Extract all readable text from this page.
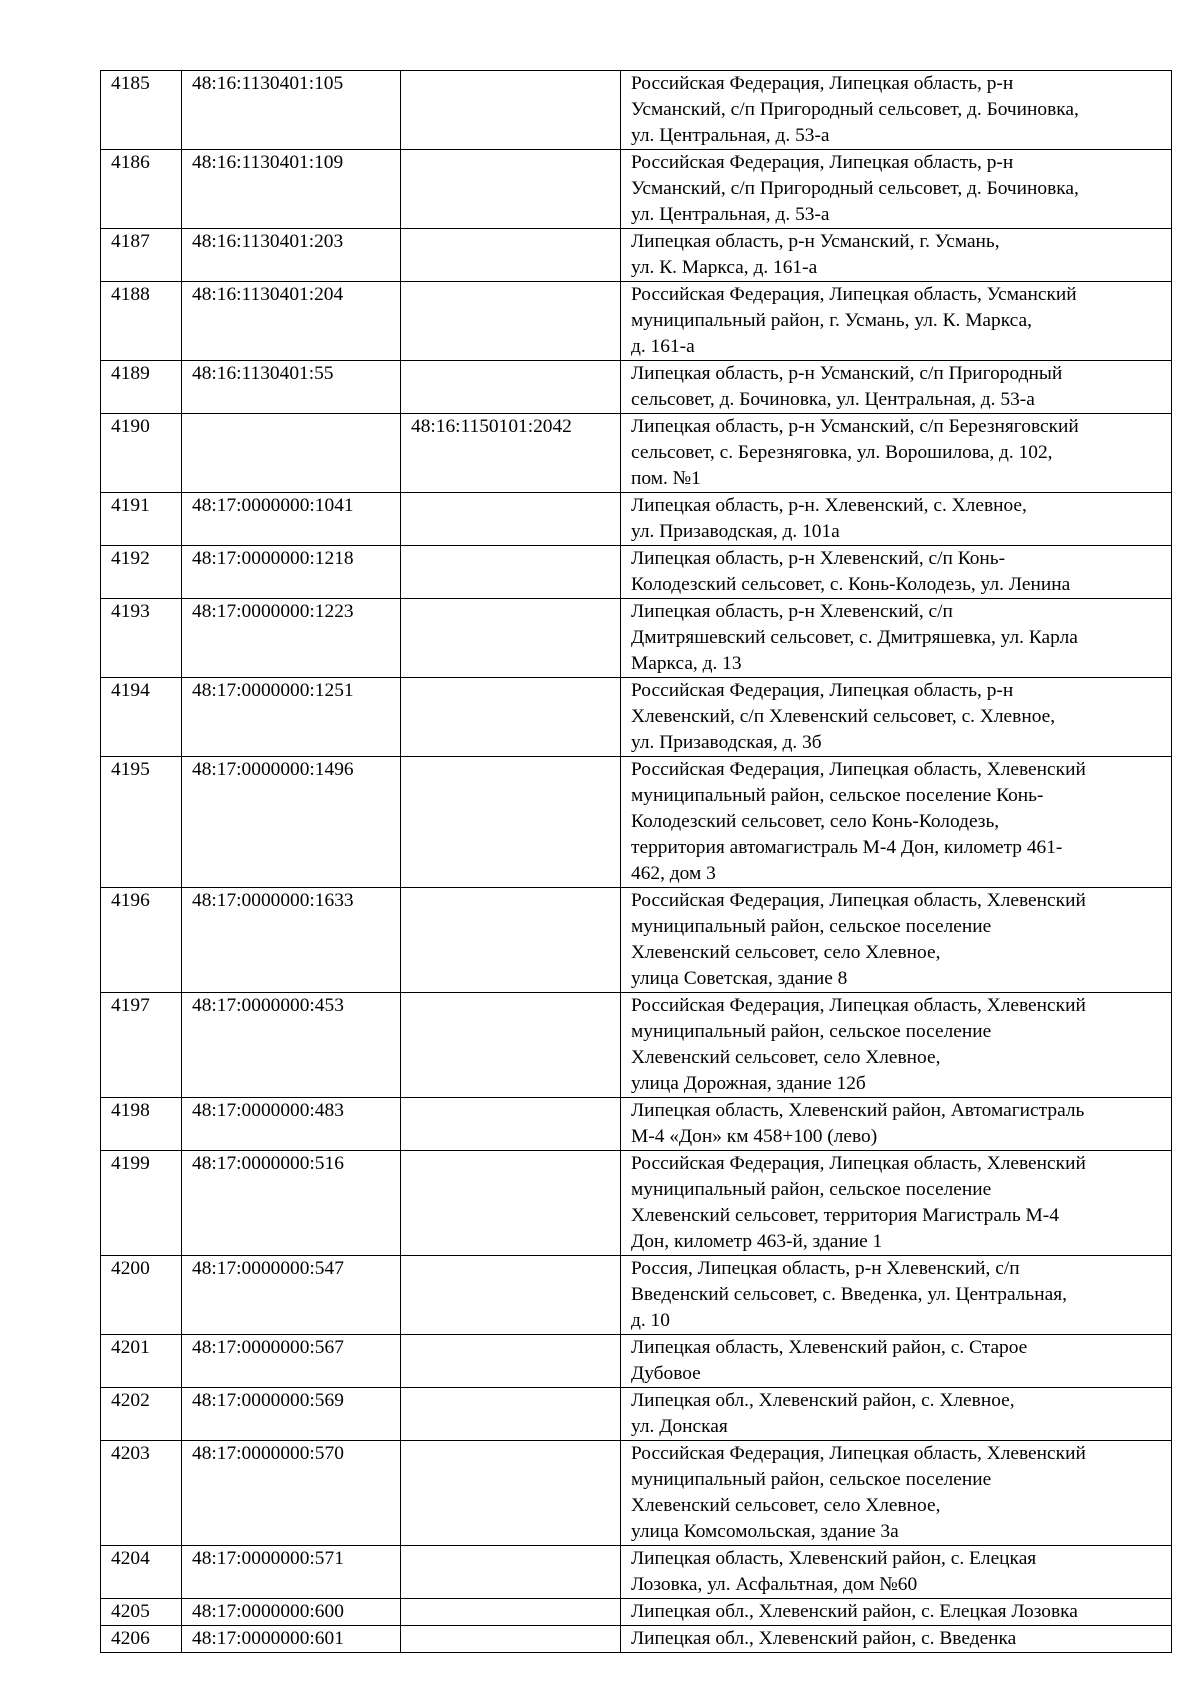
4185	48:16:1130401:105		Российская Федерация, Липецкая область, р-н
Усманский, с/п Пригородный сельсовет, д. Бочиновка,
ул. Центральная, д. 53-а
4186	48:16:1130401:109		Российская Федерация, Липецкая область, р-н
Усманский, с/п Пригородный сельсовет, д. Бочиновка,
ул. Центральная, д. 53-а
4187	48:16:1130401:203		Липецкая область, р-н Усманский, г. Усмань,
ул. К. Маркса, д. 161-а
4188	48:16:1130401:204		Российская Федерация, Липецкая область, Усманский
муниципальный район, г. Усмань, ул. К. Маркса,
д. 161-а
4189	48:16:1130401:55		Липецкая область, р-н Усманский, с/п Пригородный
сельсовет, д. Бочиновка, ул. Центральная, д. 53-а
4190		48:16:1150101:2042	Липецкая область, р-н Усманский, с/п Березняговский
сельсовет, с. Березняговка, ул. Ворошилова, д. 102,
пом. №1
4191	48:17:0000000:1041		Липецкая область, р-н. Хлевенский, с. Хлевное,
ул. Призаводская, д. 101а
4192	48:17:0000000:1218		Липецкая область, р-н Хлевенский, с/п Конь-
Колодезский сельсовет, с. Конь-Колодезь, ул. Ленина
4193	48:17:0000000:1223		Липецкая область, р-н Хлевенский, с/п
Дмитряшевский сельсовет, с. Дмитряшевка, ул. Карла
Маркса, д. 13
4194	48:17:0000000:1251		Российская Федерация, Липецкая область, р-н
Хлевенский, с/п Хлевенский сельсовет, с. Хлевное,
ул. Призаводская, д. 3б
4195	48:17:0000000:1496		Российская Федерация, Липецкая область, Хлевенский
муниципальный район, сельское поселение Конь-
Колодезский сельсовет, село Конь-Колодезь,
территория автомагистраль М-4 Дон, километр 461-
462, дом 3
4196	48:17:0000000:1633		Российская Федерация, Липецкая область, Хлевенский
муниципальный район, сельское поселение
Хлевенский сельсовет, село Хлевное,
улица Советская, здание 8
4197	48:17:0000000:453		Российская Федерация, Липецкая область, Хлевенский
муниципальный район, сельское поселение
Хлевенский сельсовет, село Хлевное,
улица Дорожная, здание 12б
4198	48:17:0000000:483		Липецкая область, Хлевенский район, Автомагистраль
М-4 «Дон» км 458+100 (лево)
4199	48:17:0000000:516		Российская Федерация, Липецкая область, Хлевенский
муниципальный район, сельское поселение
Хлевенский сельсовет, территория Магистраль М-4
Дон, километр 463-й, здание 1
4200	48:17:0000000:547		Россия, Липецкая область, р-н Хлевенский, с/п
Введенский сельсовет, с. Введенка, ул. Центральная,
д. 10
4201	48:17:0000000:567		Липецкая область, Хлевенский район, с. Старое
Дубовое
4202	48:17:0000000:569		Липецкая обл., Хлевенский район, с. Хлевное,
ул. Донская
4203	48:17:0000000:570		Российская Федерация, Липецкая область, Хлевенский
муниципальный район, сельское поселение
Хлевенский сельсовет, село Хлевное,
улица Комсомольская, здание 3а
4204	48:17:0000000:571		Липецкая область, Хлевенский район, с. Елецкая
Лозовка, ул. Асфальтная, дом №60
4205	48:17:0000000:600		Липецкая обл., Хлевенский район, с. Елецкая Лозовка
4206	48:17:0000000:601		Липецкая обл., Хлевенский район, с. Введенка
